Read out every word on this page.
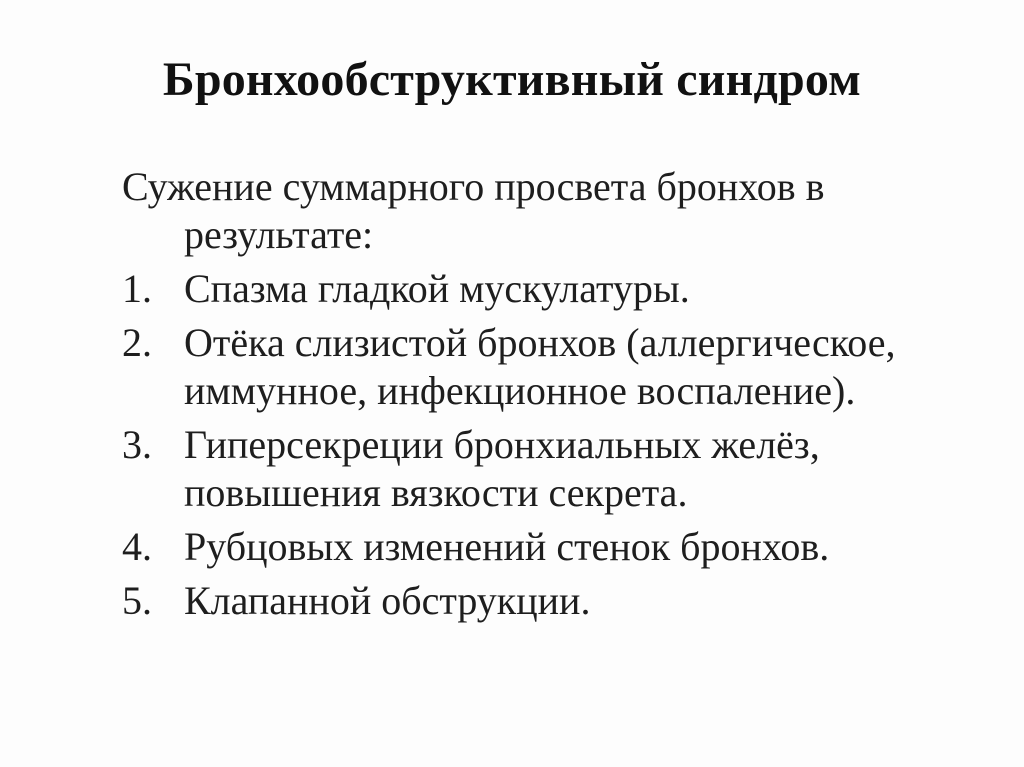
Бронхообструктивный синдром

Сужение суммарного просвета бронхов в результате:

1. Спазма гладкой мускулатуры.
2. Отёка слизистой бронхов (аллергическое, иммунное, инфекционное воспаление).
3. Гиперсекреции бронхиальных желёз, повышения вязкости секрета.
4. Рубцовых изменений стенок бронхов.
5. Клапанной обструкции.
